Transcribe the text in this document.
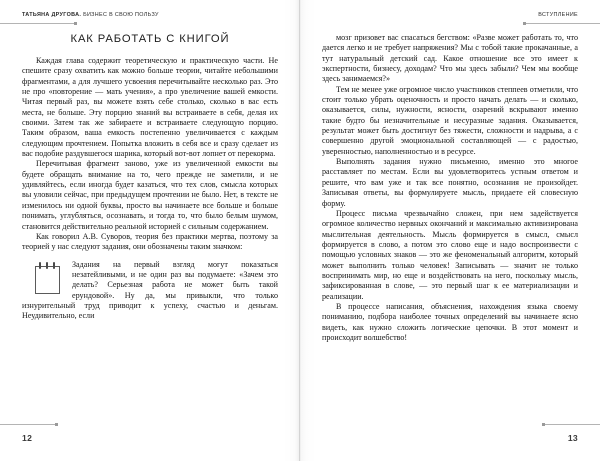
ТАТЬЯНА ДРУГОВА. БИЗНЕС В СВОЮ ПОЛЬЗУ
КАК РАБОТАТЬ С КНИГОЙ

Каждая глава содержит теоретическую и практическую части. Не спешите сразу охватить как можно больше теории, читайте небольшими фрагментами, а для лучшего усвоения перечитывайте несколько раз. Это не про «повторение — мать учения», а про увеличение вашей емкости. Читая первый раз, вы можете взять себе столько, сколько в вас есть места, не больше. Эту порцию знаний вы встраиваете в себя, делая их своими. Затем так же забираете и встраиваете следующую порцию. Таким образом, ваша емкость постепенно увеличивается с каждым следующим прочтением. Попытка вложить в себя все и сразу сделает из вас подобие раздувшегося шарика, который вот-вот лопнет от перекорма.

Перечитывая фрагмент заново, уже из увеличенной емкости вы будете обращать внимание на то, чего прежде не заметили, и не удивляйтесь, если иногда будет казаться, что тех слов, смысла которых вы уловили сейчас, при предыдущем прочтении не было. Нет, в тексте не изменилось ни одной буквы, просто вы начинаете все больше и больше понимать, углубляться, осознавать, и тогда то, что было белым шумом, становится действительно реальной историей с сильным содержанием.

Как говорил А.В. Суворов, теория без практики мертва, поэтому за теорией у нас следуют задания, они обозначены таким значком:

Задания на первый взгляд могут показаться незатейливыми, и не один раз вы подумаете: «Зачем это делать? Серьезная работа не может быть такой ерундовой». Ну да, мы привыкли, что только изнурительный труд приводит к успеху, счастью и деньгам. Неудивительно, если

12
ВСТУПЛЕНИЕ

мозг призовет вас спасаться бегством: «Разве может работать то, что дается легко и не требует напряжения? Мы с тобой такие прокачанные, а тут натуральный детский сад. Какое отношение все это имеет к экспертности, бизнесу, доходам? Что мы здесь забыли? Чем мы вообще здесь занимаемся?»

Тем не менее уже огромное число участников степпеев отметили, что стоит только убрать оценочность и просто начать делать — и сколько, оказывается, силы, нужности, ясности, озарений вскрывают именно такие будто бы незначительные и несуразные задания. Оказывается, результат может быть достигнут без тяжести, сложности и надрыва, а с совершенно другой эмоциональной составляющей — с радостью, уверенностью, наполненностью и в ресурсе.

Выполнять задания нужно письменно, именно это многое расставляет по местам. Если вы удовлетворитесь устным ответом и решите, что вам уже и так все понятно, осознания не произойдет. Записывая ответы, вы формулируете мысль, придаете ей словесную форму.

Процесс письма чрезвычайно сложен, при нем задействуется огромное количество нервных окончаний и максимально активизирована мыслительная деятельность. Мысль формируется в смысл, смысл формируется в слово, а потом это слово еще и надо воспроизвести с помощью условных знаков — это же феноменальный алгоритм, который может выполнить только человек! Записывать — значит не только воспринимать мир, но еще и воздействовать на него, поскольку мысль, зафиксированная в слове, — это первый шаг к ее материализации и реализации.

В процессе написания, объяснения, нахождения языка своему пониманию, подбора наиболее точных определений вы начинаете ясно видеть, как нужно сложить логические цепочки. В этот момент и происходит волшебство!

13
